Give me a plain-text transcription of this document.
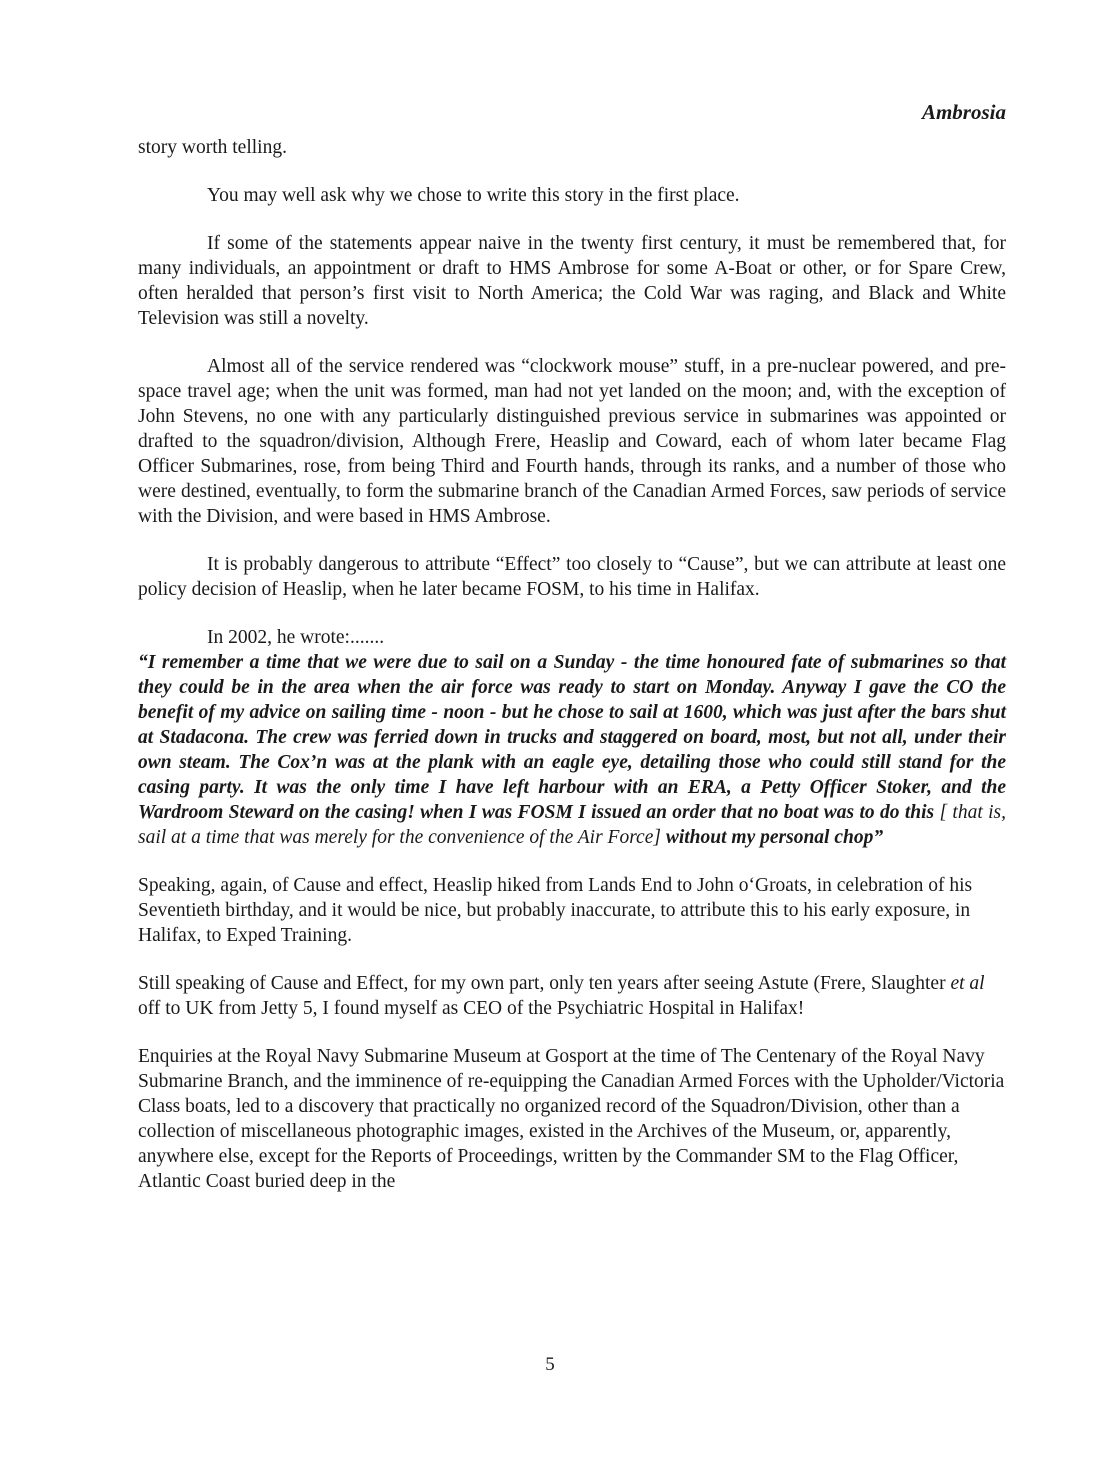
Ambrosia

story worth telling.

You may well ask why we chose to write this story in the first place.

If some of the statements appear naive in the twenty first century, it must be remembered that, for many individuals, an appointment or draft to HMS Ambrose for some A-Boat or other, or for Spare Crew, often heralded that person’s first visit to North America; the Cold War was raging, and Black and White Television was still a novelty.

Almost all of the service rendered was “clockwork mouse” stuff, in a pre-nuclear powered, and pre-space travel age; when the unit was formed, man had not yet landed on the moon; and, with the exception of John Stevens, no one with any particularly distinguished previous service in submarines was appointed or drafted to the squadron/division, Although Frere, Heaslip and Coward, each of whom later became Flag Officer Submarines, rose, from being Third and Fourth hands, through its ranks, and a number of those who were destined, eventually, to form the submarine branch of the Canadian Armed Forces, saw periods of service with the Division, and were based in HMS Ambrose.

It is probably dangerous to attribute “Effect” too closely to “Cause”, but we can attribute at least one policy decision of Heaslip, when he later became FOSM, to his time in Halifax.

In 2002, he wrote:.......

“I remember a time that we were due to sail on a Sunday - the time honoured fate of submarines so that they could be in the area when the air force was ready to start on Monday. Anyway I gave the CO the benefit of my advice on sailing time - noon - but he chose to sail at 1600, which was just after the bars shut at Stadacona. The crew was ferried down in trucks and staggered on board, most, but not all, under their own steam. The Cox’n was at the plank with an eagle eye, detailing those who could still stand for the casing party. It was the only time I have left harbour with an ERA, a Petty Officer Stoker, and the Wardroom Steward on the casing! when I was FOSM I issued an order that no boat was to do this [ that is, sail at a time that was merely for the convenience of the Air Force] without my personal chop”

Speaking, again, of Cause and effect, Heaslip hiked from Lands End to John o‘Groats, in celebration of his Seventieth birthday, and it would be nice, but probably inaccurate, to attribute this to his early exposure, in Halifax, to Exped Training.

Still speaking of Cause and Effect, for my own part, only ten years after seeing Astute (Frere, Slaughter et al off to UK from Jetty 5, I found myself as CEO of the Psychiatric Hospital in Halifax!

Enquiries at the Royal Navy Submarine Museum at Gosport at the time of The Centenary of the Royal Navy Submarine Branch, and the imminence of re-equipping the Canadian Armed Forces with the Upholder/Victoria Class boats, led to a discovery that practically no organized record of the Squadron/Division, other than a collection of miscellaneous photographic images, existed in the Archives of the Museum, or, apparently, anywhere else, except for the Reports of Proceedings, written by the Commander SM to the Flag Officer, Atlantic Coast buried deep in the

5
